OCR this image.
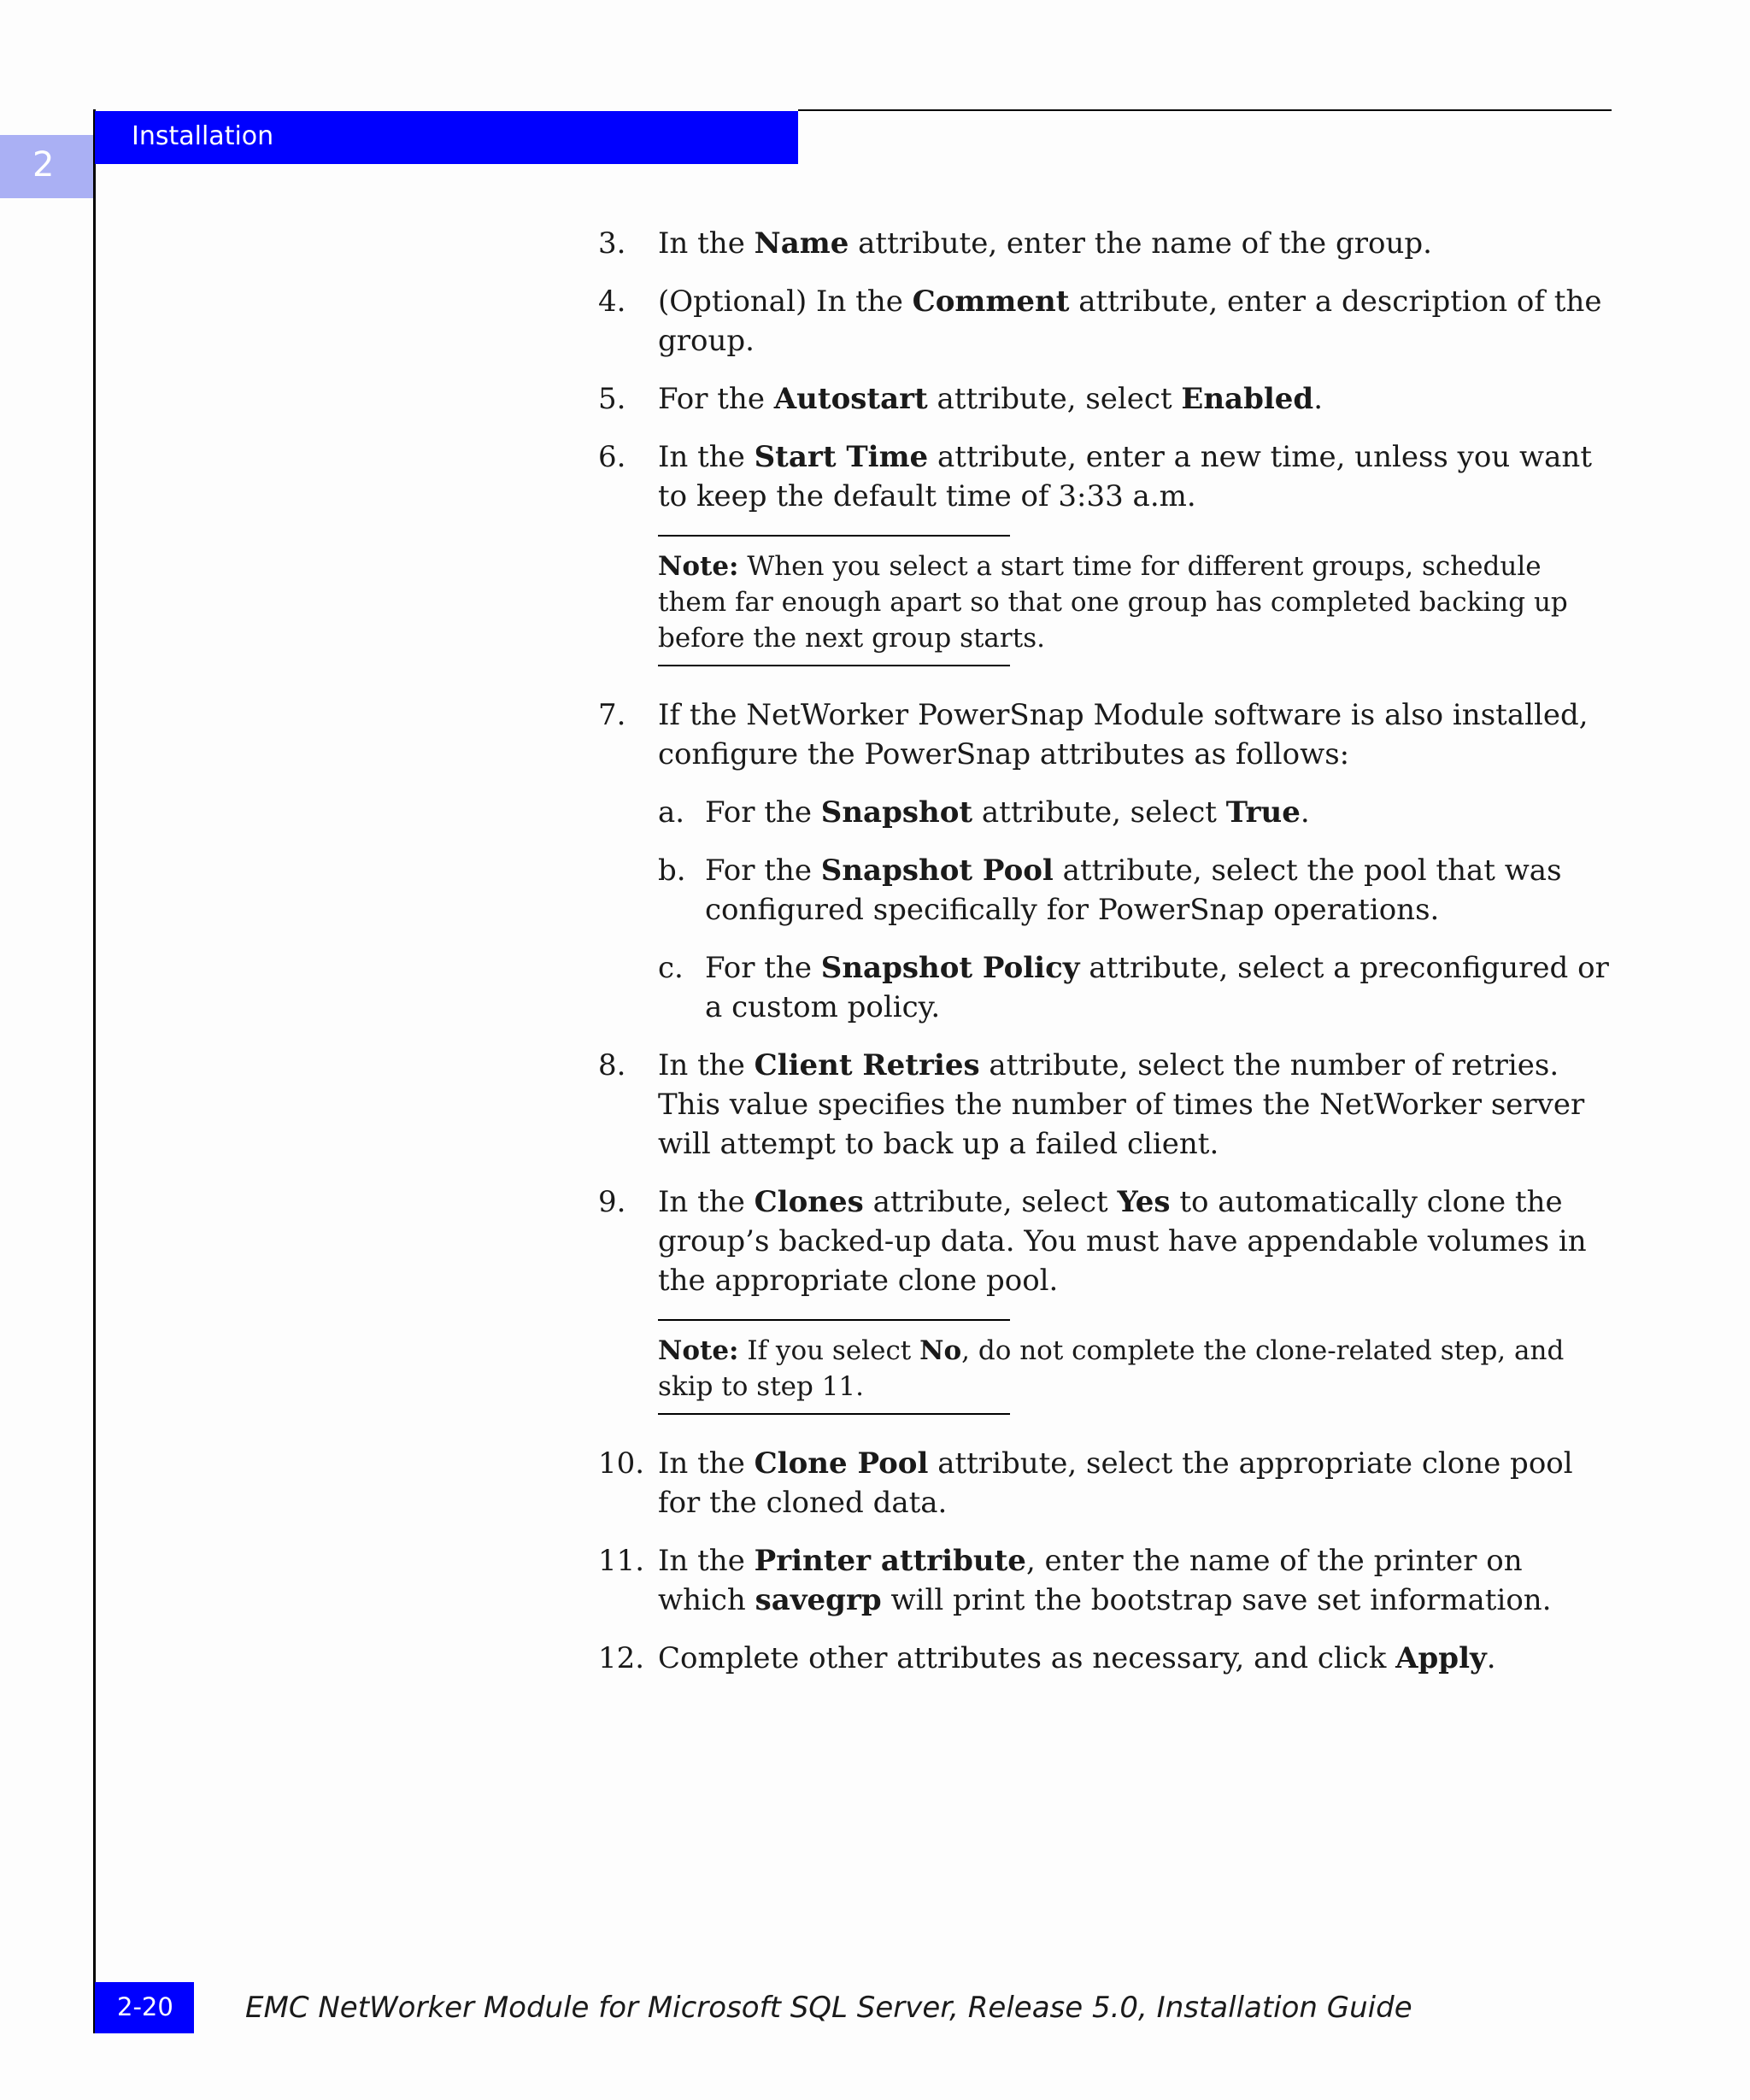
Installation
2
3. In the Name attribute, enter the name of the group.
4. (Optional) In the Comment attribute, enter a description of the group.
5. For the Autostart attribute, select Enabled.
6. In the Start Time attribute, enter a new time, unless you want to keep the default time of 3:33 a.m.
Note: When you select a start time for different groups, schedule them far enough apart so that one group has completed backing up before the next group starts.
7. If the NetWorker PowerSnap Module software is also installed, configure the PowerSnap attributes as follows:
a. For the Snapshot attribute, select True.
b. For the Snapshot Pool attribute, select the pool that was configured specifically for PowerSnap operations.
c. For the Snapshot Policy attribute, select a preconfigured or a custom policy.
8. In the Client Retries attribute, select the number of retries. This value specifies the number of times the NetWorker server will attempt to back up a failed client.
9. In the Clones attribute, select Yes to automatically clone the group’s backed-up data. You must have appendable volumes in the appropriate clone pool.
Note: If you select No, do not complete the clone-related step, and skip to step 11.
10. In the Clone Pool attribute, select the appropriate clone pool for the cloned data.
11. In the Printer attribute, enter the name of the printer on which savegrp will print the bootstrap save set information.
12. Complete other attributes as necessary, and click Apply.
2-20	EMC NetWorker Module for Microsoft SQL Server, Release 5.0, Installation Guide
